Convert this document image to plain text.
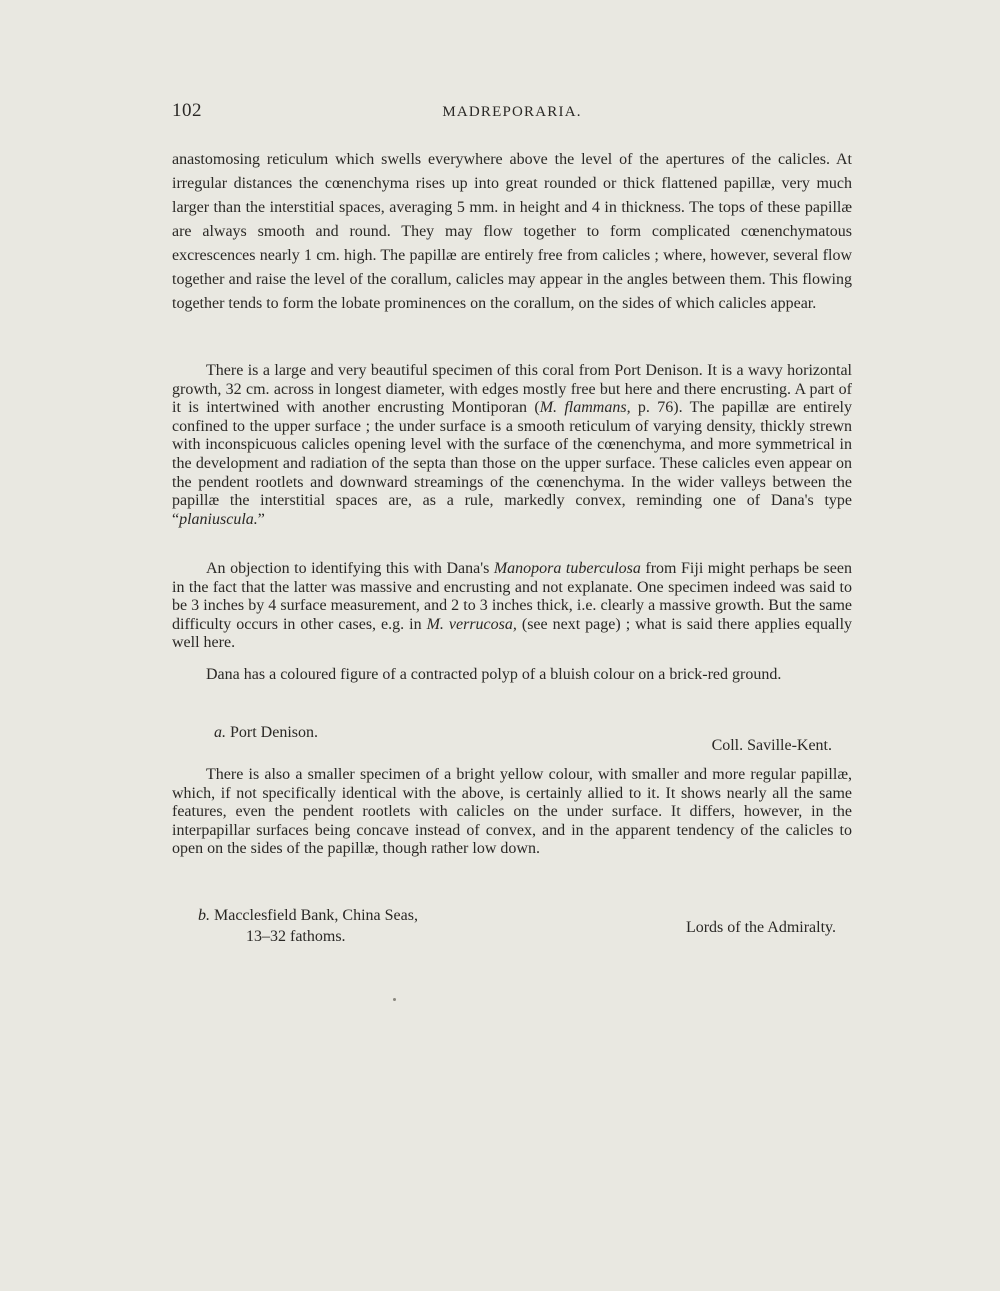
102	MADREPORARIA.

anastomosing reticulum which swells everywhere above the level of the apertures of the calicles. At irregular distances the cœnenchyma rises up into great rounded or thick flattened papillæ, very much larger than the interstitial spaces, averaging 5 mm. in height and 4 in thickness. The tops of these papillæ are always smooth and round. They may flow together to form complicated cœnenchymatous excrescences nearly 1 cm. high. The papillæ are entirely free from calicles ; where, however, several flow together and raise the level of the corallum, calicles may appear in the angles between them. This flowing together tends to form the lobate prominences on the corallum, on the sides of which calicles appear.

There is a large and very beautiful specimen of this coral from Port Denison. It is a wavy horizontal growth, 32 cm. across in longest diameter, with edges mostly free but here and there encrusting. A part of it is intertwined with another encrusting Montiporan (M. flammans, p. 76). The papillæ are entirely confined to the upper surface ; the under surface is a smooth reticulum of varying density, thickly strewn with inconspicuous calicles opening level with the surface of the cœnenchyma, and more symmetrical in the development and radiation of the septa than those on the upper surface. These calicles even appear on the pendent rootlets and downward streamings of the cœnenchyma. In the wider valleys between the papillæ the interstitial spaces are, as a rule, markedly convex, reminding one of Dana's type “planiuscula.”

An objection to identifying this with Dana's Manopora tuberculosa from Fiji might perhaps be seen in the fact that the latter was massive and encrusting and not explanate. One specimen indeed was said to be 3 inches by 4 surface measurement, and 2 to 3 inches thick, i.e. clearly a massive growth. But the same difficulty occurs in other cases, e.g. in M. verrucosa, (see next page) ; what is said there applies equally well here.

Dana has a coloured figure of a contracted polyp of a bluish colour on a brick-red ground.

a. Port Denison.
Coll. Saville-Kent.

There is also a smaller specimen of a bright yellow colour, with smaller and more regular papillæ, which, if not specifically identical with the above, is certainly allied to it. It shows nearly all the same features, even the pendent rootlets with calicles on the under surface. It differs, however, in the interpapillar surfaces being concave instead of convex, and in the apparent tendency of the calicles to open on the sides of the papillæ, though rather low down.

b. Macclesfield Bank, China Seas,
13–32 fathoms.
Lords of the Admiralty.
